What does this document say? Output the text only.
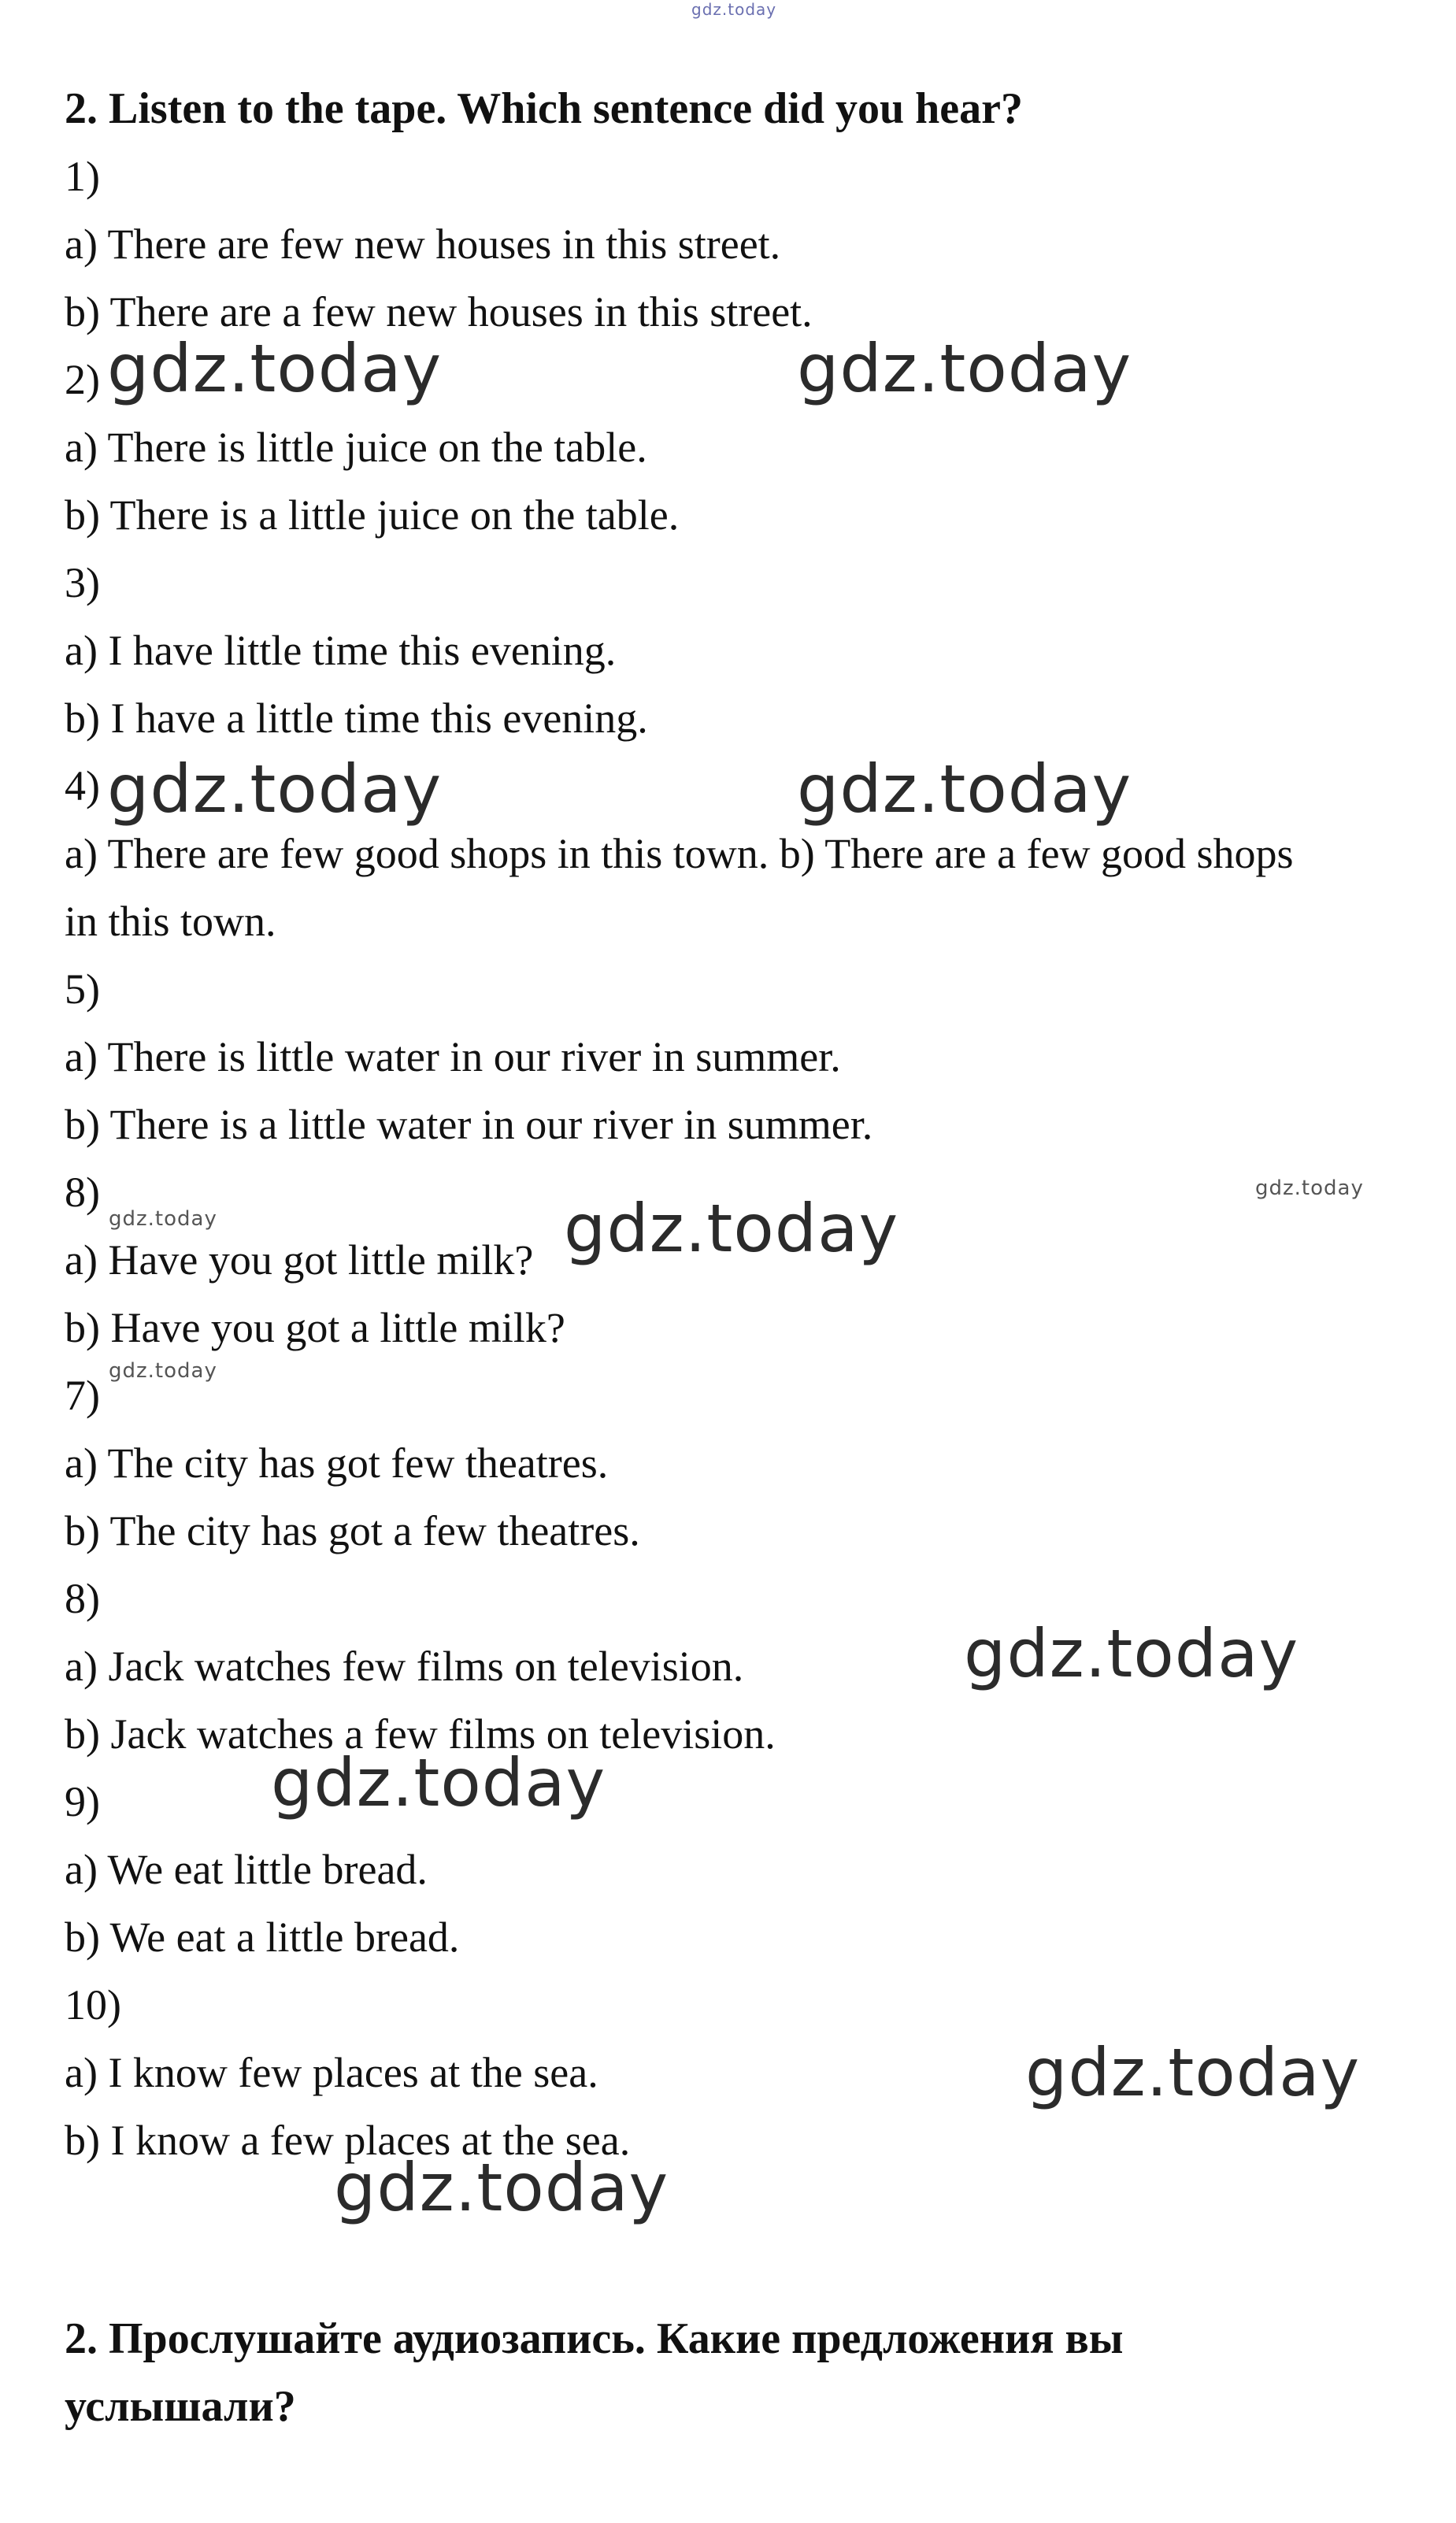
gdz.today
2. Listen to the tape. Which sentence did you hear?
1)
a) There are few new houses in this street.
b) There are a few new houses in this street.
2)
a) There is little juice on the table.
b) There is a little juice on the table.
3)
a) I have little time this evening.
b) I have a little time this evening.
4)
a) There are few good shops in this town. b) There are a few good shops
in this town.
5)
a) There is little water in our river in summer.
b) There is a little water in our river in summer.
8)
a) Have you got little milk?
b) Have you got a little milk?
7)
a) The city has got few theatres.
b) The city has got a few theatres.
8)
a) Jack watches few films on television.
b) Jack watches a few films on television.
9)
a) We eat little bread.
b) We eat a little bread.
10)
a) I know few places at the sea.
b) I know a few places at the sea.
2. Прослушайте аудиозапись. Какие предложения вы
услышали?
gdz.today	gdz.today
gdz.today	gdz.today
gdz.today
gdz.today
gdz.today
gdz.today
gdz.today
gdz.today
gdz.today
gdz.today
